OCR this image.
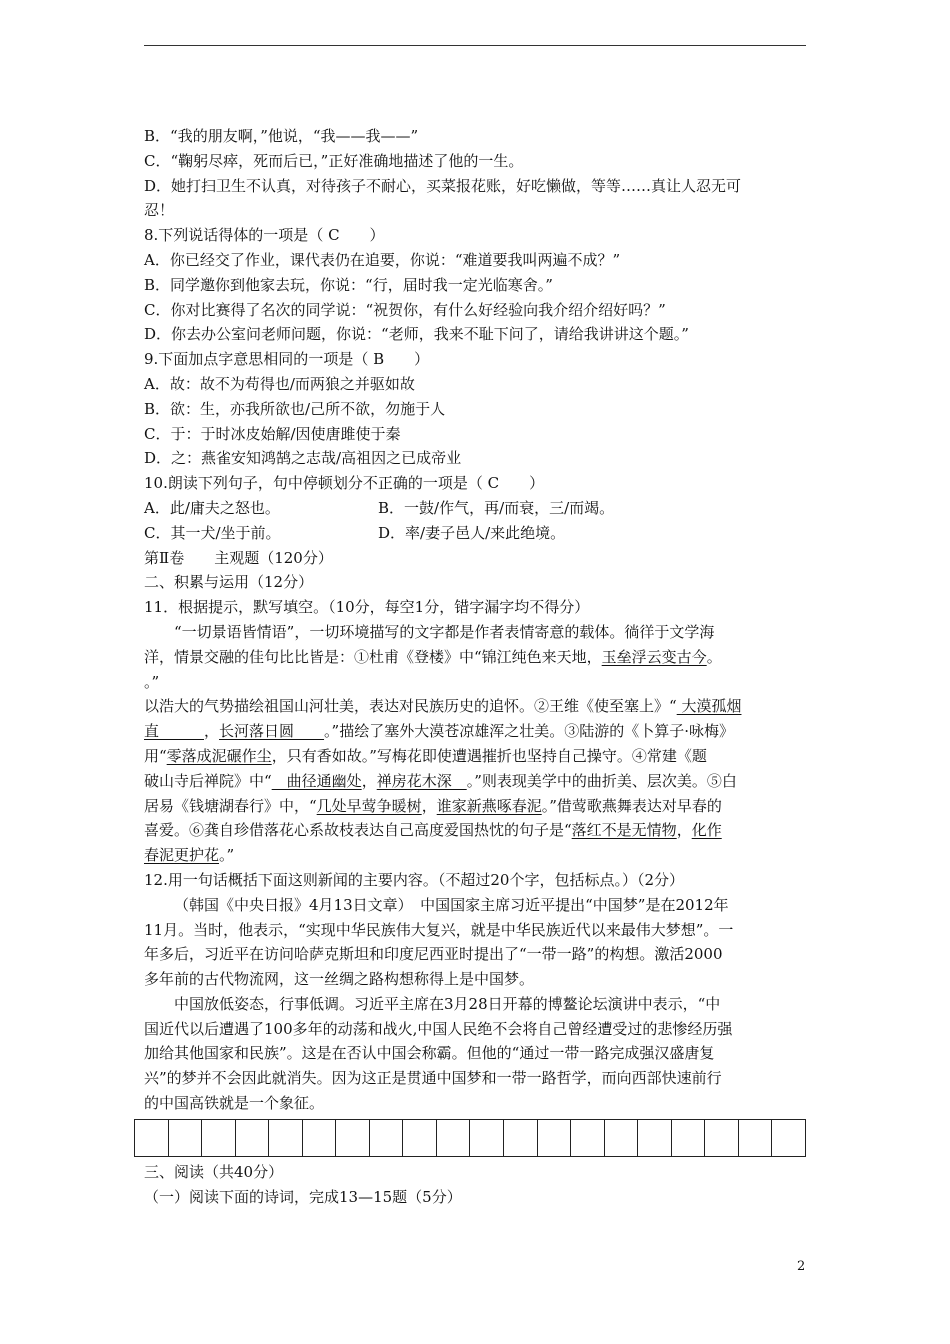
B．“我的朋友啊，”他说，“我——我——”
C．“鞠躬尽瘁，死而后已，”正好准确地描述了他的一生。
D．她打扫卫生不认真，对待孩子不耐心，买菜报花账，好吃懒做，等等……真让人忍无可
忍！
8.下列说话得体的一项是（ C　　）
A．你已经交了作业，课代表仍在追要，你说：“难道要我叫两遍不成？”
B．同学邀你到他家去玩，你说：“行，届时我一定光临寒舍。”
C．你对比赛得了名次的同学说：“祝贺你，有什么好经验向我介绍介绍好吗？”
D．你去办公室问老师问题，你说：“老师，我来不耻下问了，请给我讲讲这个题。”
9.下面加点字意思相同的一项是（ B　　）
A．故：故不为苟得也/而两狼之并驱如故
B．欲：生，亦我所欲也/己所不欲，勿施于人
C．于：于时冰皮始解/因使唐雎使于秦
D．之：燕雀安知鸿鹄之志哉/高祖因之已成帝业
10.朗读下列句子，句中停顿划分不正确的一项是（ C　　）
A．此/庸夫之怒也。	B．一鼓/作气，再/而衰，三/而竭。
C．其一犬/坐于前。	D．率/妻子邑人/来此绝境。
第Ⅱ卷　　主观题（120分）
二、积累与运用（12分）
11．根据提示，默写填空。（10分，每空1分，错字漏字均不得分）
“一切景语皆情语”，一切环境描写的文字都是作者表情寄意的载体。徜徉于文学海
洋，情景交融的佳句比比皆是：①杜甫《登楼》中“锦江纯色来天地，玉垒浮云变古今。
。”
以浩大的气势描绘祖国山河壮美，表达对民族历史的追怀。②王维《使至塞上》“ 大漠孤烟
直　　　，长河落日圆　　。”描绘了塞外大漠苍凉雄浑之壮美。③陆游的《卜算子·咏梅》
用“零落成泥碾作尘，只有香如故。”写梅花即使遭遇摧折也坚持自己操守。④常建《题
破山寺后禅院》中“　曲径通幽处，禅房花木深　。”则表现美学中的曲折美、层次美。⑤白
居易《钱塘湖春行》中，“几处早莺争暖树，谁家新燕啄春泥。”借莺歌燕舞表达对早春的
喜爱。⑥龚自珍借落花心系故枝表达自己高度爱国热忱的句子是“落红不是无情物，化作
春泥更护花。”
12.用一句话概括下面这则新闻的主要内容。（不超过20个字，包括标点。）（2分）
（韩国《中央日报》4月13日文章）　中国国家主席习近平提出“中国梦”是在2012年
11月。当时，他表示，“实现中华民族伟大复兴，就是中华民族近代以来最伟大梦想”。一
年多后，习近平在访问哈萨克斯坦和印度尼西亚时提出了“一带一路”的构想。激活2000
多年前的古代物流网，这一丝绸之路构想称得上是中国梦。
中国放低姿态，行事低调。习近平主席在3月28日开幕的博鳌论坛演讲中表示，“中
国近代以后遭遇了100多年的动荡和战火,中国人民绝不会将自己曾经遭受过的悲惨经历强
加给其他国家和民族”。这是在否认中国会称霸。但他的“通过一带一路完成强汉盛唐复
兴”的梦并不会因此就消失。因为这正是贯通中国梦和一带一路哲学，而向西部快速前行
的中国高铁就是一个象征。
三、阅读（共40分）
（一）阅读下面的诗词，完成13—15题（5分）
2
